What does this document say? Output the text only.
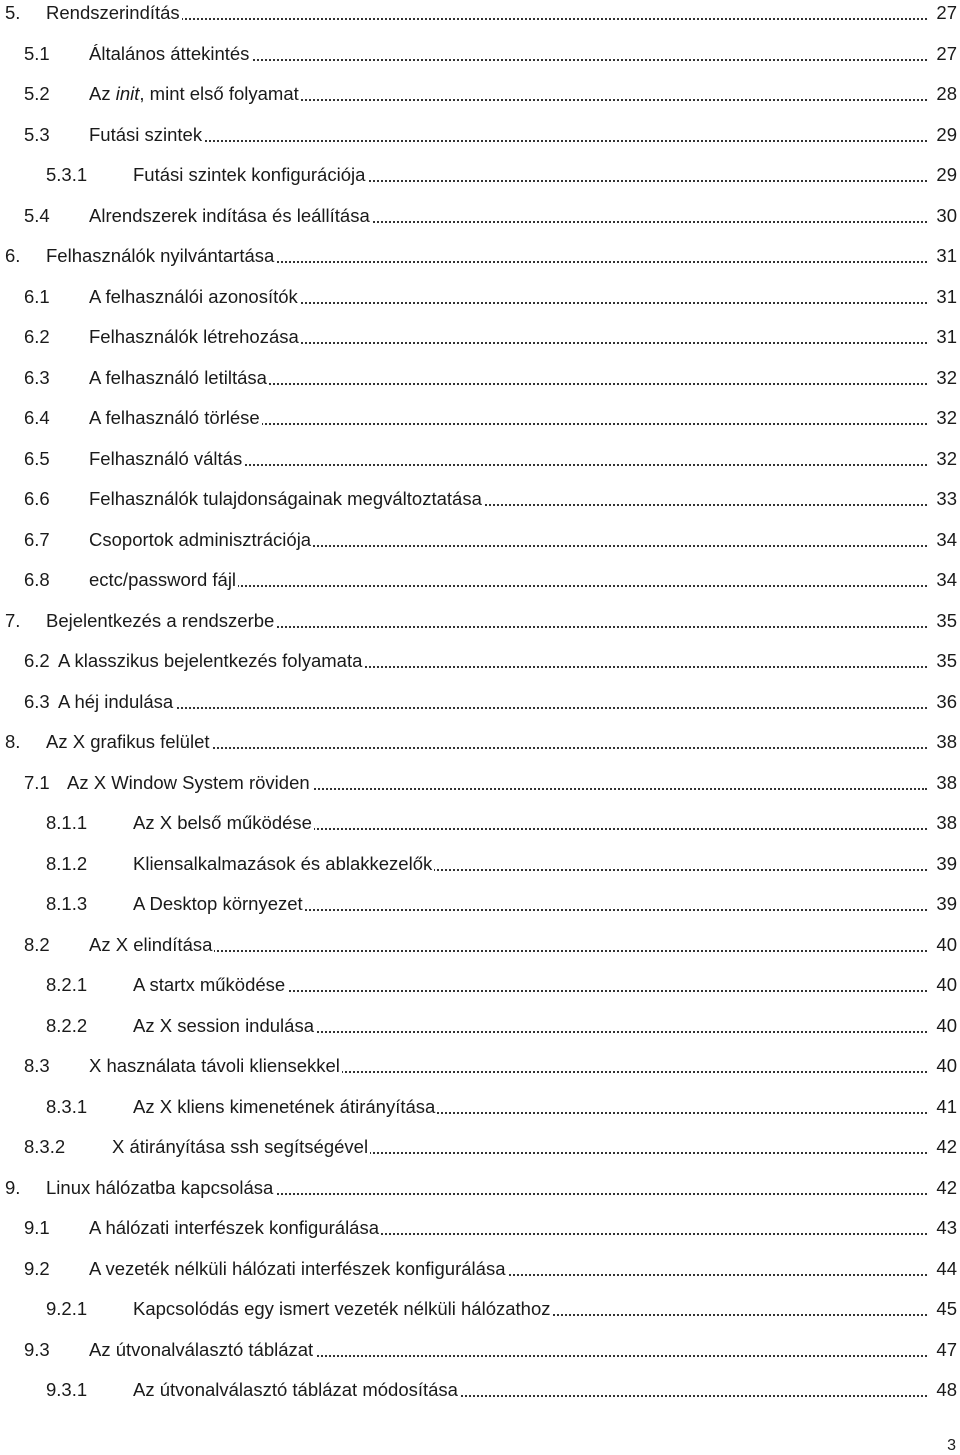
5. Rendszerindítás	27
5.1 Általános áttekintés	27
5.2 Az init, mint első folyamat	28
5.3 Futási szintek	29
5.3.1 Futási szintek konfigurációja	29
5.4 Alrendszerek indítása és leállítása	30
6. Felhasználók nyilvántartása	31
6.1 A felhasználói azonosítók	31
6.2 Felhasználók létrehozása	31
6.3 A felhasználó letiltása	32
6.4 A felhasználó törlése	32
6.5 Felhasználó váltás	32
6.6 Felhasználók tulajdonságainak megváltoztatása	33
6.7 Csoportok adminisztrációja	34
6.8 ectc/password fájl	34
7. Bejelentkezés a rendszerbe	35
6.2 A klasszikus bejelentkezés folyamata	35
6.3 A héj indulása	36
8. Az X grafikus felület	38
7.1 Az X Window System röviden	38
8.1.1 Az X belső működése	38
8.1.2 Kliensalkalmazások és ablakkezelők	39
8.1.3 A Desktop környezet	39
8.2 Az X elindítása	40
8.2.1 A startx működése	40
8.2.2 Az X session indulása	40
8.3 X használata távoli kliensekkel	40
8.3.1 Az X kliens kimenetének átirányítása	41
8.3.2	X átirányítása ssh segítségével	42
9. Linux hálózatba kapcsolása	42
9.1 A hálózati interfészek konfigurálása	43
9.2 A vezeték nélküli hálózati interfészek konfigurálása	44
9.2.1 Kapcsolódás egy ismert vezeték nélküli hálózathoz	45
9.3 Az útvonalválasztó táblázat	47
9.3.1 Az útvonalválasztó táblázat módosítása	48
3
